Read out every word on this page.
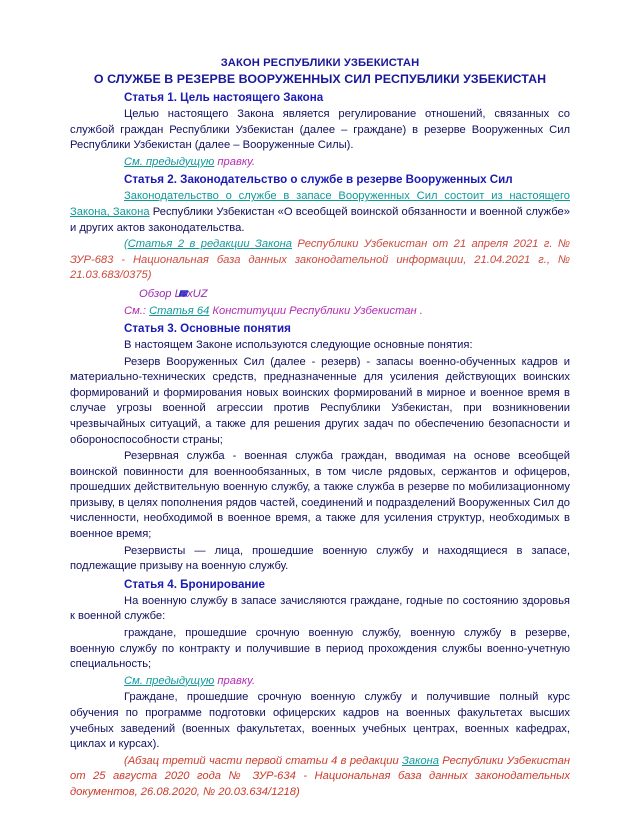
ЗАКОН РЕСПУБЛИКИ УЗБЕКИСТАН
О СЛУЖБЕ В РЕЗЕРВЕ ВООРУЖЕННЫХ СИЛ РЕСПУБЛИКИ УЗБЕКИСТАН
Статья 1. Цель настоящего Закона
Целью настоящего Закона является регулирование отношений, связанных со службой граждан Республики Узбекистан (далее – граждане) в резерве Вооруженных Сил Республики Узбекистан (далее – Вооруженные Силы).
См. предыдущую правку.
Статья 2. Законодательство о службе в резерве Вооруженных Сил
Законодательство о службе в запасе Вооруженных Сил состоит из настоящего Закона, Закона Республики Узбекистан «О всеобщей воинской обязанности и военной службе» и других актов законодательства.
(Статья 2 в редакции Закона Республики Узбекистан от 21 апреля 2021 г. № ЗУР-683 - Национальная база данных законодательной информации, 21.04.2021 г., № 21.03.683/0375)
Обзор LexUZ
См.: Статья 64 Конституции Республики Узбекистан .
Статья 3. Основные понятия
В настоящем Законе используются следующие основные понятия:
Резерв Вооруженных Сил (далее - резерв) - запасы военно-обученных кадров и материально-технических средств, предназначенные для усиления действующих воинских формирований и формирования новых воинских формирований в мирное и военное время в случае угрозы военной агрессии против Республики Узбекистан, при возникновении чрезвычайных ситуаций, а также для решения других задач по обеспечению безопасности и обороноспособности страны;
Резервная служба - военная служба граждан, вводимая на основе всеобщей воинской повинности для военнообязанных, в том числе рядовых, сержантов и офицеров, прошедших действительную военную службу, а также служба в резерве по мобилизационному призыву, в целях пополнения рядов частей, соединений и подразделений Вооруженных Сил до численности, необходимой в военное время, а также для усиления структур, необходимых в военное время;
Резервисты — лица, прошедшие военную службу и находящиеся в запасе, подлежащие призыву на военную службу.
Статья 4. Бронирование
На военную службу в запасе зачисляются граждане, годные по состоянию здоровья к военной службе:
граждане, прошедшие срочную военную службу, военную службу в резерве, военную службу по контракту и получившие в период прохождения службы военно-учетную специальность;
См. предыдущую правку.
Граждане, прошедшие срочную военную службу и получившие полный курс обучения по программе подготовки офицерских кадров на военных факультетах высших учебных заведений (военных факультетах, военных учебных центрах, военных кафедрах, циклах и курсах).
(Абзац третий части первой статьи 4 в редакции Закона Республики Узбекистан от 25 августа 2020 года № ЗУР-634 - Национальная база данных законодательных документов, 26.08.2020, № 20.03.634/1218)
